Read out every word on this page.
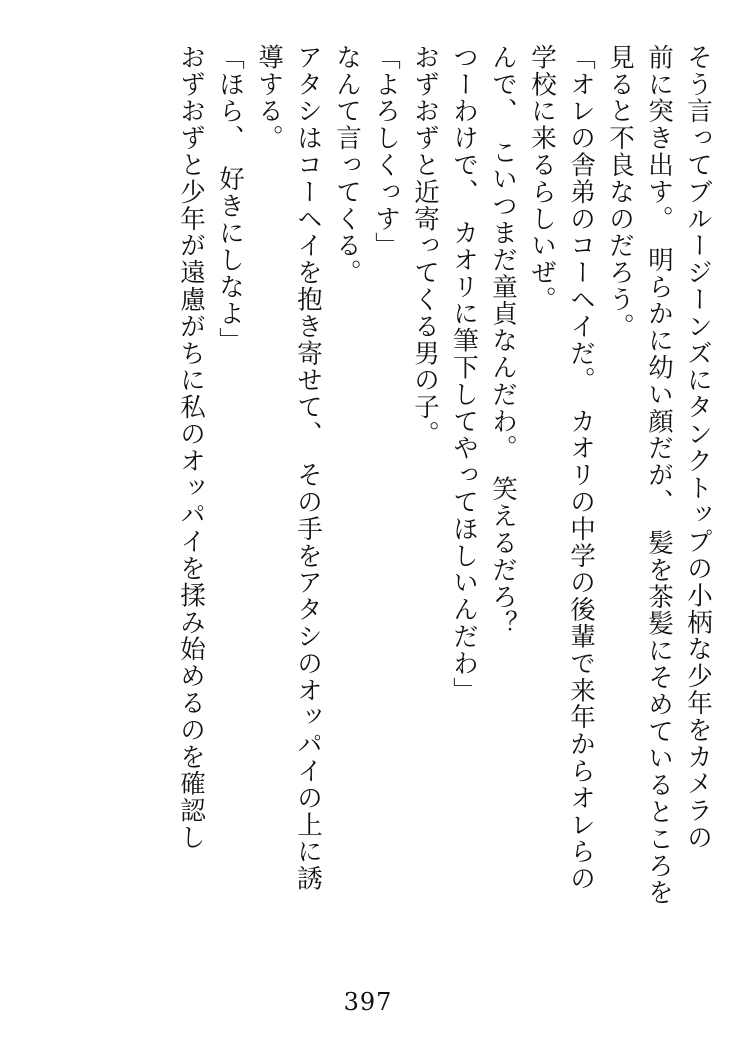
そう言ってブルージーンズにタンクトップの小柄な少年をカメラの
前に突き出す。　明らかに幼い顔だが、　髪を茶髪にそめているところを
見ると不良なのだろう。
「オレの舎弟のコーヘイだ。　カオリの中学の後輩で来年からオレらの
学校に来るらしいぜ。
んで、　こいつまだ童貞なんだわ。　笑えるだろ？
つーわけで、　カオリに筆下してやってほしいんだわ」
おずおずと近寄ってくる男の子。
「よろしくっす」
なんて言ってくる。
アタシはコーヘイを抱き寄せて、　その手をアタシのオッパイの上に誘
導する。
「ほら、　好きにしなよ」
おずおずと少年が遠慮がちに私のオッパイを揉み始めるのを確認し
397
